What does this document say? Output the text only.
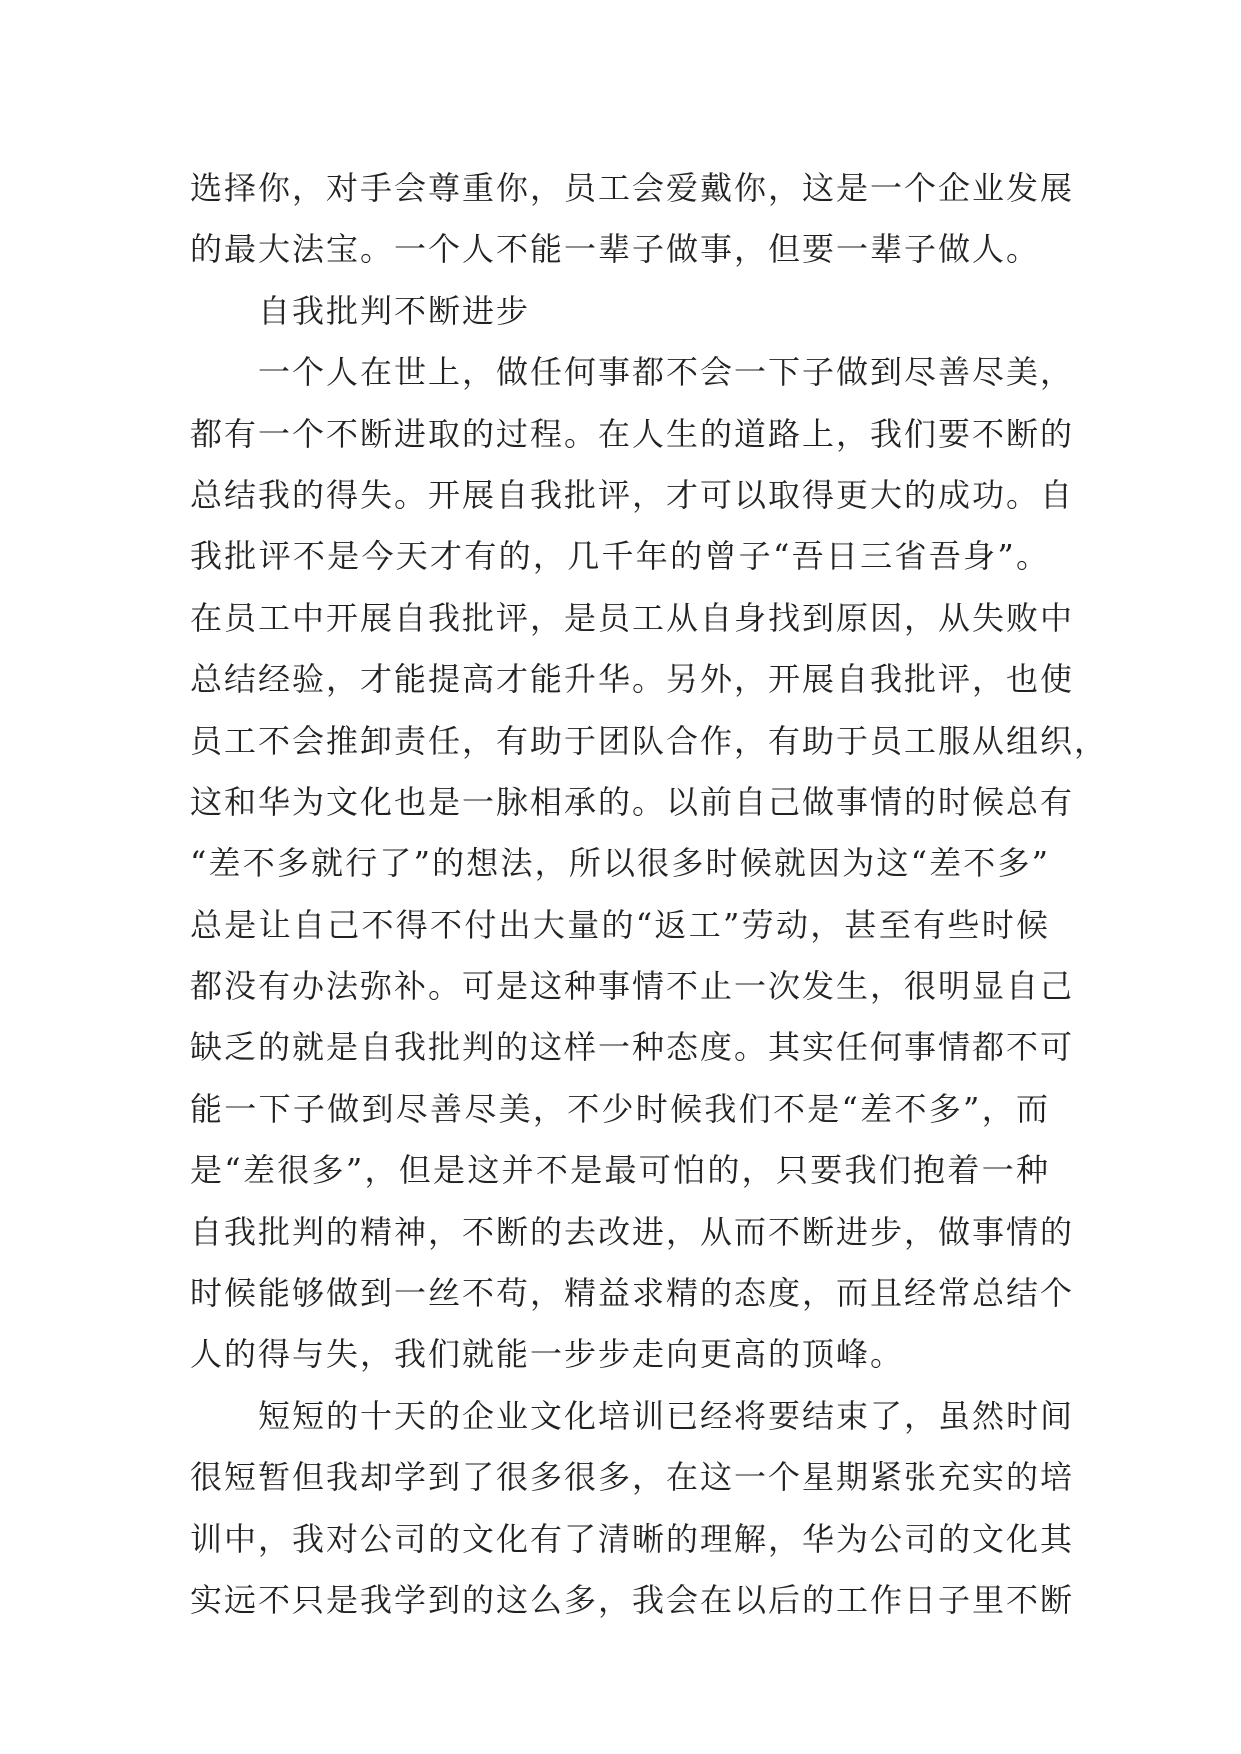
选择你，对手会尊重你，员工会爱戴你，这是一个企业发展
的最大法宝。一个人不能一辈子做事，但要一辈子做人。
自我批判不断进步
一个人在世上，做任何事都不会一下子做到尽善尽美，
都有一个不断进取的过程。在人生的道路上，我们要不断的
总结我的得失。开展自我批评，才可以取得更大的成功。自
我批评不是今天才有的，几千年的曾子“吾日三省吾身”。
在员工中开展自我批评，是员工从自身找到原因，从失败中
总结经验，才能提高才能升华。另外，开展自我批评，也使
员工不会推卸责任，有助于团队合作，有助于员工服从组织，
这和华为文化也是一脉相承的。以前自己做事情的时候总有
“差不多就行了”的想法，所以很多时候就因为这“差不多”
总是让自己不得不付出大量的“返工”劳动，甚至有些时候
都没有办法弥补。可是这种事情不止一次发生，很明显自己
缺乏的就是自我批判的这样一种态度。其实任何事情都不可
能一下子做到尽善尽美，不少时候我们不是“差不多”，而
是“差很多”，但是这并不是最可怕的，只要我们抱着一种
自我批判的精神，不断的去改进，从而不断进步，做事情的
时候能够做到一丝不苟，精益求精的态度，而且经常总结个
人的得与失，我们就能一步步走向更高的顶峰。
短短的十天的企业文化培训已经将要结束了，虽然时间
很短暂但我却学到了很多很多，在这一个星期紧张充实的培
训中，我对公司的文化有了清晰的理解，华为公司的文化其
实远不只是我学到的这么多，我会在以后的工作日子里不断
